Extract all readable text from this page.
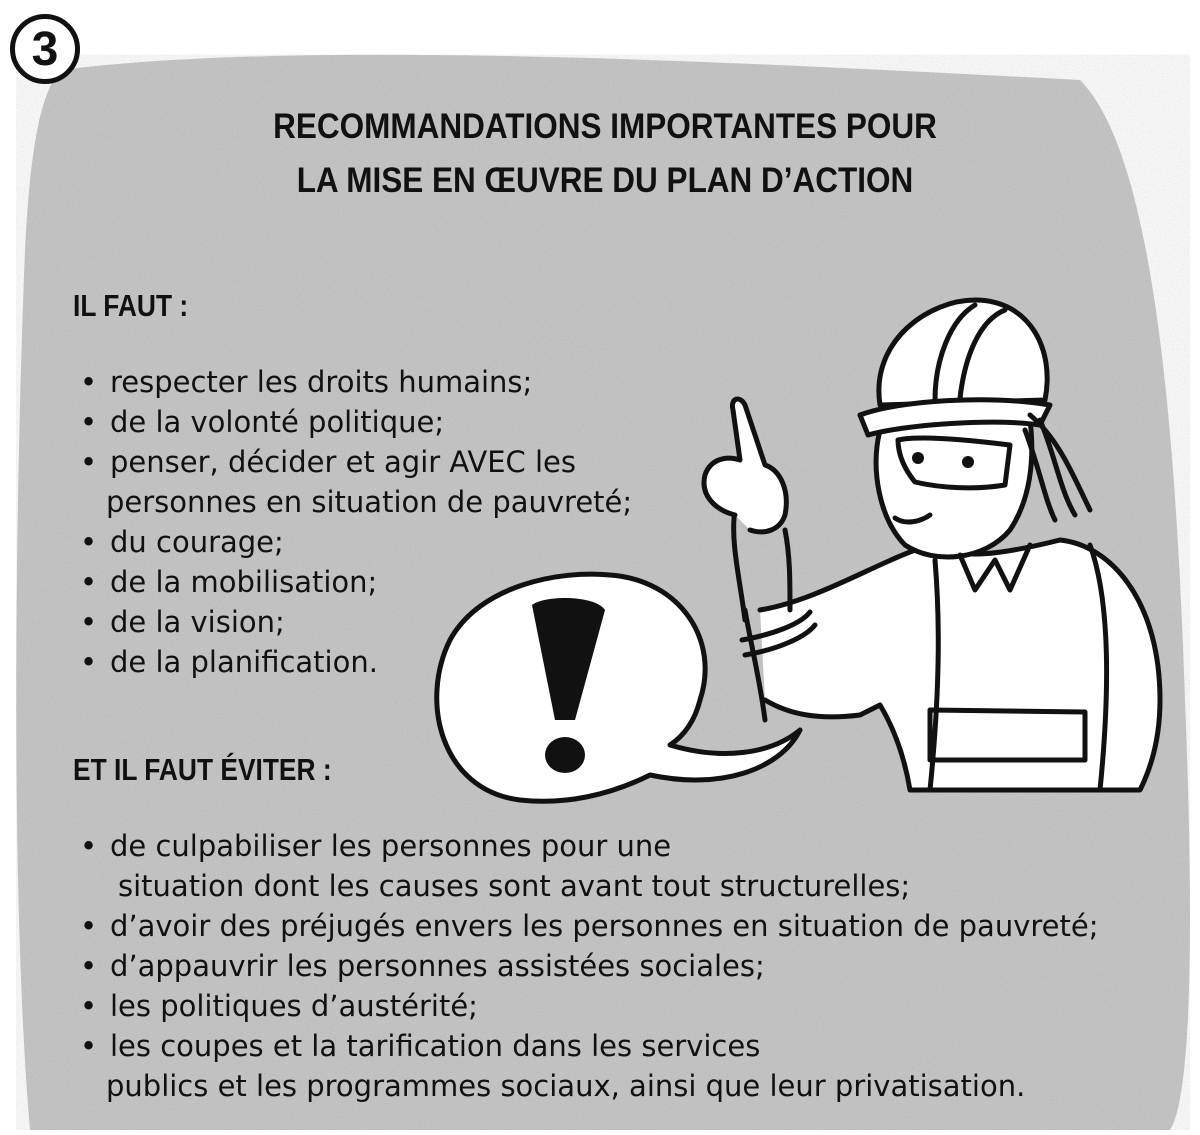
3
RECOMMANDATIONS IMPORTANTES POUR
LA MISE EN ŒUVRE DU PLAN D’ACTION
IL FAUT :
• respecter les droits humains;
• de la volonté politique;
• penser, décider et agir AVEC les
personnes en situation de pauvreté;
• du courage;
• de la mobilisation;
• de la vision;
• de la planification.
ET IL FAUT ÉVITER :
• de culpabiliser les personnes pour une
situation dont les causes sont avant tout structurelles;
• d’avoir des préjugés envers les personnes en situation de pauvreté;
• d’appauvrir les personnes assistées sociales;
• les politiques d’austérité;
• les coupes et la tarification dans les services
publics et les programmes sociaux, ainsi que leur privatisation.
